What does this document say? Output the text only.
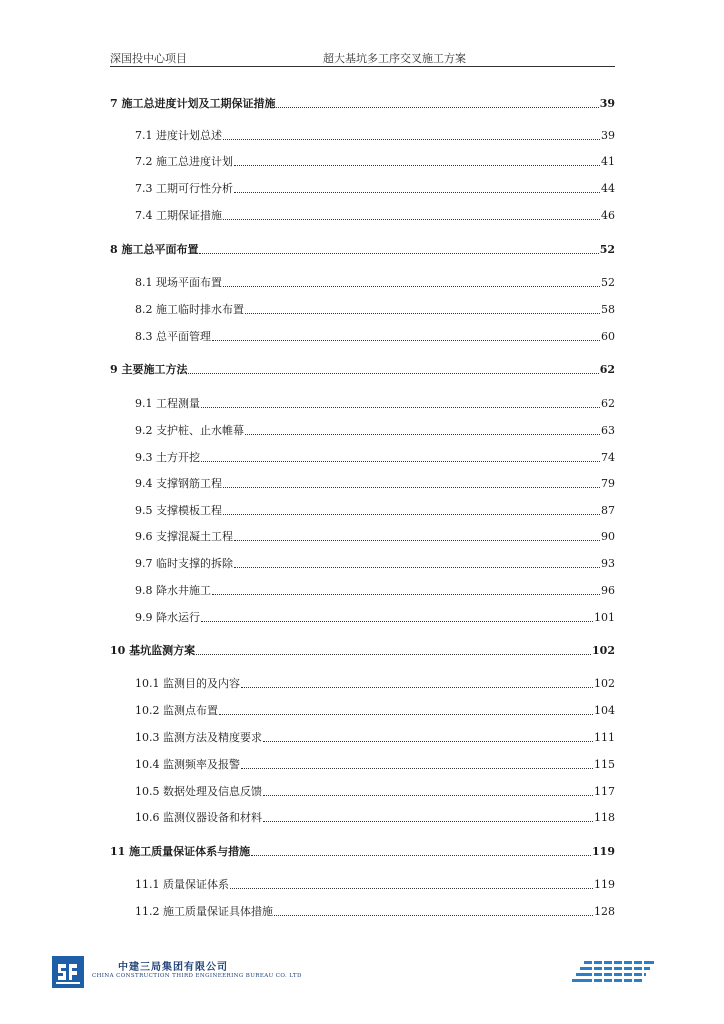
深国投中心项目	超大基坑多工序交叉施工方案
7 施工总进度计划及工期保证措施	39
7.1 进度计划总述	39
7.2 施工总进度计划	41
7.3 工期可行性分析	44
7.4 工期保证措施	46
8 施工总平面布置	52
8.1 现场平面布置	52
8.2 施工临时排水布置	58
8.3 总平面管理	60
9 主要施工方法	62
9.1 工程测量	62
9.2 支护桩、止水帷幕	63
9.3 土方开挖	74
9.4 支撑钢筋工程	79
9.5 支撑模板工程	87
9.6 支撑混凝土工程	90
9.7 临时支撑的拆除	93
9.8 降水井施工	96
9.9 降水运行	101
10 基坑监测方案	102
10.1 监测目的及内容	102
10.2 监测点布置	104
10.3 监测方法及精度要求	111
10.4 监测频率及报警	115
10.5 数据处理及信息反馈	117
10.6 监测仪器设备和材料	118
11 施工质量保证体系与措施	119
11.1 质量保证体系	119
11.2 施工质量保证具体措施	128
中建三局集团有限公司
CHINA CONSTRUCTION THIRD ENGINEERING BUREAU CO. LTD
